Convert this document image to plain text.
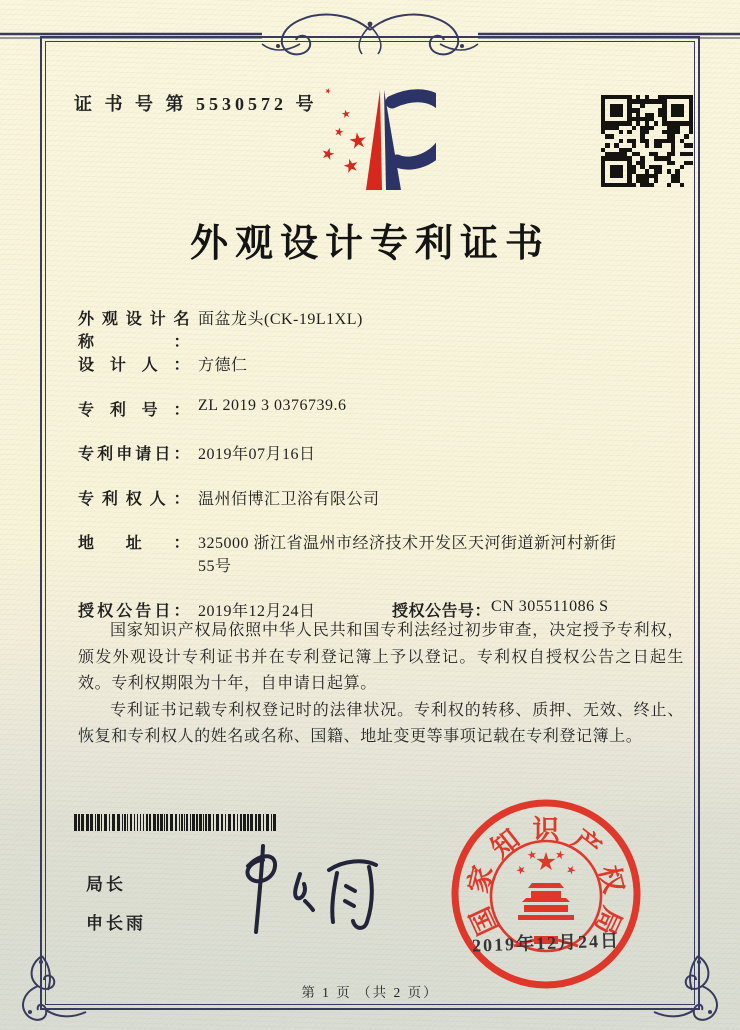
证 书 号 第 5530572 号
外观设计专利证书
外观设计名称：
面盆龙头(CK-19L1XL)
设计人： 方德仁
专利号： ZL 2019 3 0376739.6
专利申请日： 2019年07月16日
专利权人： 温州佰博汇卫浴有限公司
地址： 325000 浙江省温州市经济技术开发区天河街道新河村新街55号
授权公告日： 2019年12月24日	授权公告号： CN 305511086 S

国家知识产权局依照中华人民共和国专利法经过初步审查，决定授予专利权，颁发外观设计专利证书并在专利登记簿上予以登记。专利权自授权公告之日起生效。专利权期限为十年，自申请日起算。

专利证书记载专利权登记时的法律状况。专利权的转移、质押、无效、终止、恢复和专利权人的姓名或名称、国籍、地址变更等事项记载在专利登记簿上。

局长
申长雨	国
家
知 识 产
权
局
2019年12月24日
第 1 页 （共 2 页）
